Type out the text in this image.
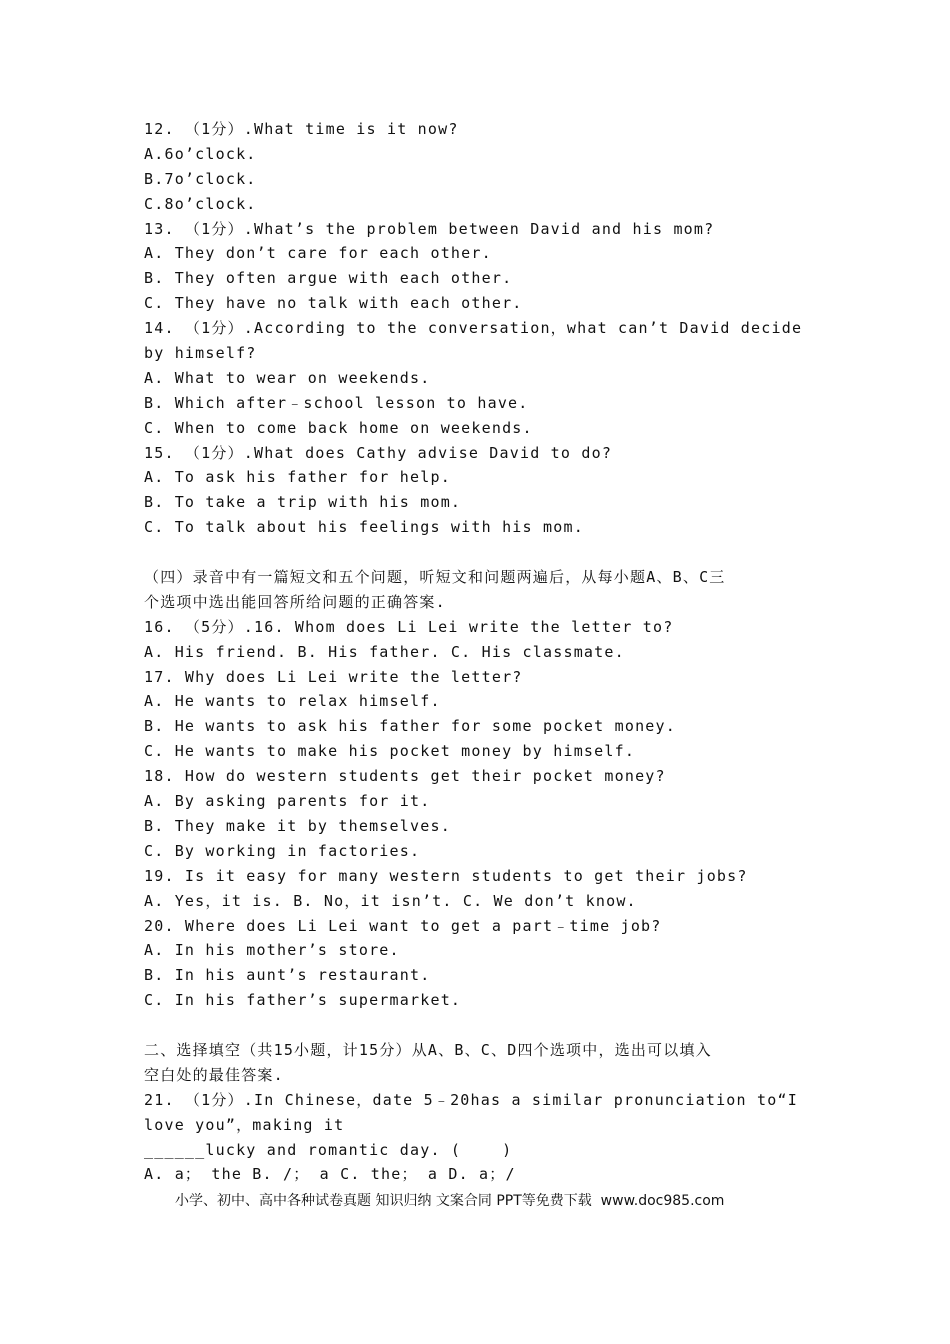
12. （1分）.What time is it now?
A.6o’clock.
B.7o’clock.
C.8o’clock.
13. （1分）.What’s the problem between David and his mom?
A. They don’t care for each other.
B. They often argue with each other.
C. They have no talk with each other.
14. （1分）.According to the conversation，what can’t David decide
by himself?
A. What to wear on weekends.
B. Which after﹣school lesson to have.
C. When to come back home on weekends.
15. （1分）.What does Cathy advise David to do?
A. To ask his father for help.
B. To take a trip with his mom.
C. To talk about his feelings with his mom.
（四）录音中有一篇短文和五个问题，听短文和问题两遍后，从每小题A、B、C三
个选项中选出能回答所给问题的正确答案.
16. （5分）.16. Whom does Li Lei write the letter to?
A. His friend. B. His father. C. His classmate.
17. Why does Li Lei write the letter?
A. He wants to relax himself.
B. He wants to ask his father for some pocket money.
C. He wants to make his pocket money by himself.
18. How do western students get their pocket money?
A. By asking parents for it.
B. They make it by themselves.
C. By working in factories.
19. Is it easy for many western students to get their jobs?
A. Yes，it is. B. No，it isn’t. C. We don’t know.
20. Where does Li Lei want to get a part﹣time job?
A. In his mother’s store.
B. In his aunt’s restaurant.
C. In his father’s supermarket.
二、选择填空（共15小题，计15分）从A、B、C、D四个选项中，选出可以填入
空白处的最佳答案.
21. （1分）.In Chinese，date 5﹣20has a similar pronunciation to“I
love you”，making it
______lucky and romantic day. (    )
A. a； the B. /； a C. the； a D. a；/
小学、初中、高中各种试卷真题 知识归纳 文案合同 PPT等免费下载  www.doc985.com
